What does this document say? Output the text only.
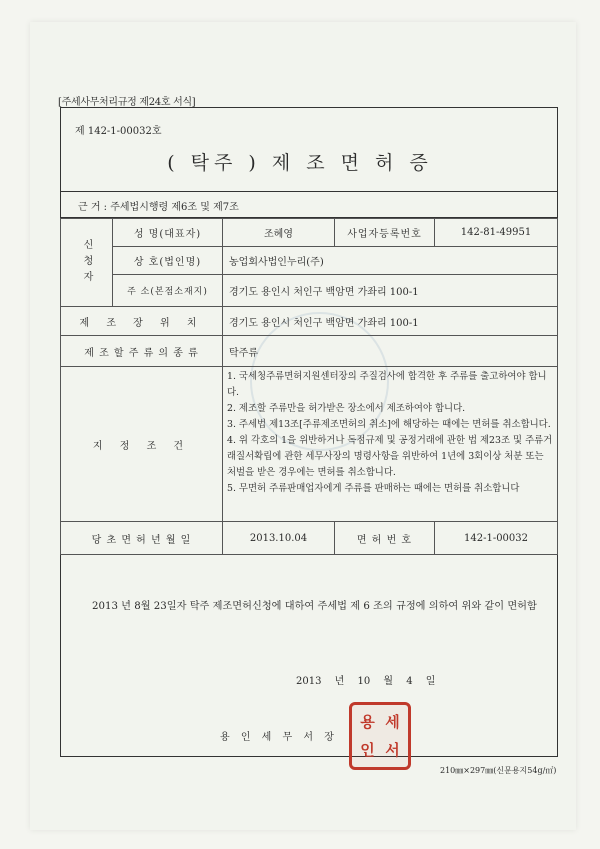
[주세사무처리규정 제24호 서식]
제 142-1-00032호
( 탁주 ) 제 조 면 허 증
근 거 : 주세법시행령 제6조 및 제7조
신청자	성 명(대표자)	조혜영	사업자등록번호	142-81-49951
	상 호(법인명)	농업회사법인누리(주)		
	주 소(본점소재지)	경기도 용인시 처인구 백암면 가좌리 100-1		
제 조 장 위 치		경기도 용인시 처인구 백암면 가좌리 100-1		
제 조 할 주 류 의 종 류		탁주류		
지 정 조 건		1. 국세청주류면허지원센터장의 주질검사에 합격한 후 주류를 출고하여야 합니다.
2. 제조할 주류만을 허가받은 장소에서 제조하여야 합니다.
3. 주세법 제13조[주류제조면허의 취소]에 해당하는 때에는 면허를 취소합니다.
4. 위 각호의 1을 위반하거나 독점규제 및 공정거래에 관한 법 제23조 및 주류거래질서확립에 관한 세무사장의 명령사항을 위반하여 1년에 3회이상 처분 또는 처벌을 받은 경우에는 면허를 취소합니다.
5. 무면허 주류판매업자에게 주류를 판매하는 때에는 면허를 취소합니다		

당 초 면 허 년 월 일		2013.10.04	면 허 번 호	142-1-00032
2013 년 8월 23일자 탁주 제조면허신청에 대하여 주세법 제 6 조의 규정에 의하여 위와 같이 면허함
2013 년 10 월 4 일
용 인 세 무 서 장
용 세
인 서
210㎜×297㎜(신문용지54g/㎡)
